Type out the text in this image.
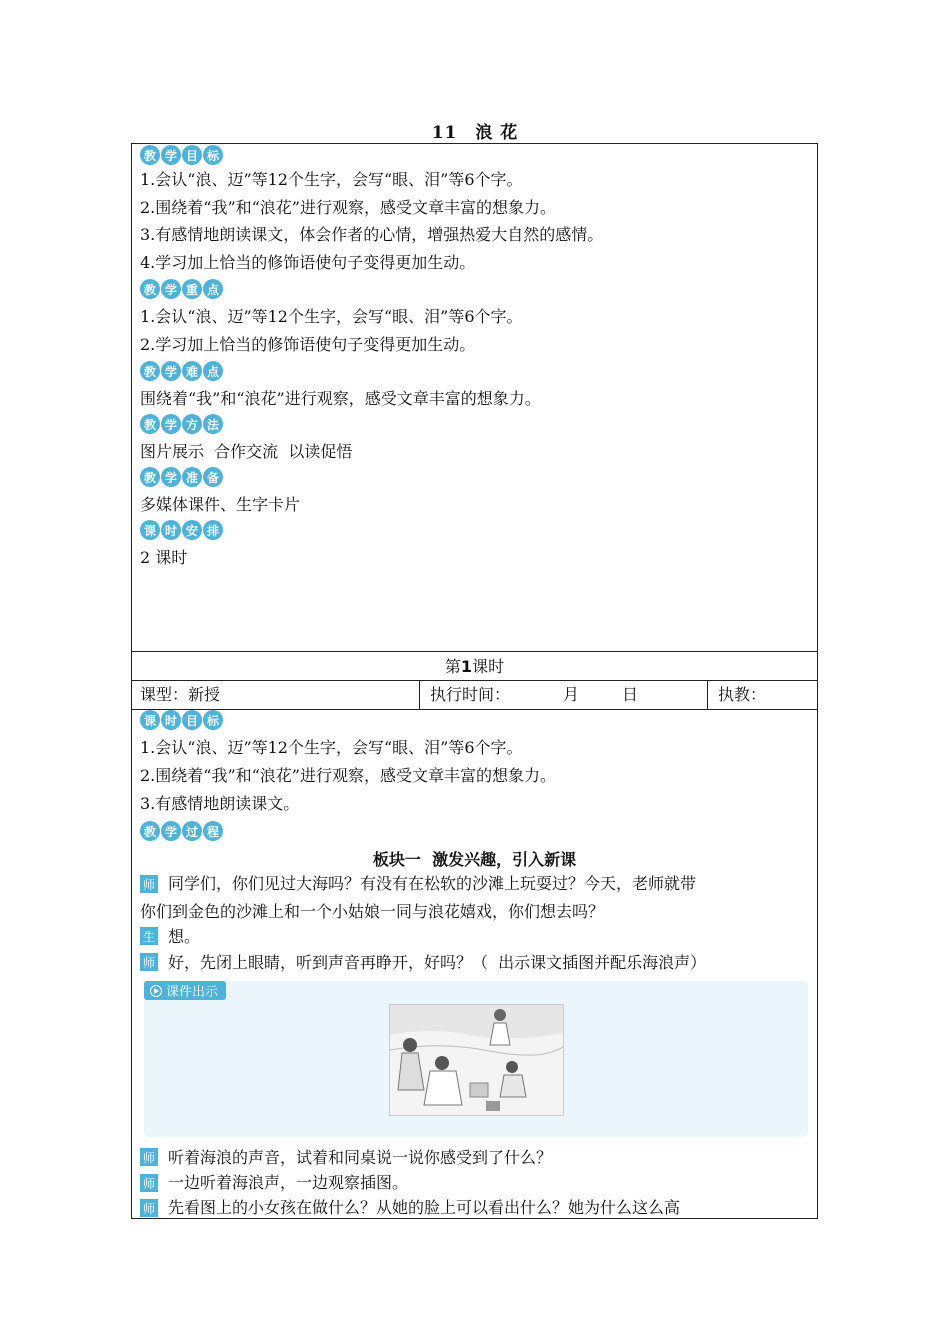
11　浪 花
教 学 目 标
1.会认“浪、迈”等12个生字，会写“眼、泪”等6个字。
2.围绕着“我”和“浪花”进行观察，感受文章丰富的想象力。
3.有感情地朗读课文，体会作者的心情，增强热爱大自然的感情。
4.学习加上恰当的修饰语使句子变得更加生动。
教 学 重 点
1.会认“浪、迈”等12个生字，会写“眼、泪”等6个字。
2.学习加上恰当的修饰语使句子变得更加生动。
教 学 难 点
围绕着“我”和“浪花”进行观察，感受文章丰富的想象力。
教 学 方 法
图片展示  合作交流  以读促悟
教 学 准 备
多媒体课件、生字卡片
课 时 安 排
2 课时
第1课时
课型：新授	执行时间：	月	日	执教：
课 时 目 标
1.会认“浪、迈”等12个生字，会写“眼、泪”等6个字。
2.围绕着“我”和“浪花”进行观察，感受文章丰富的想象力。
3.有感情地朗读课文。
教 学 过 程
板块一  激发兴趣，引入新课
师 同学们，你们见过大海吗？有没有在松软的沙滩上玩耍过？今天，老师就带
你们到金色的沙滩上和一个小姑娘一同与浪花嬉戏，你们想去吗？
生 想。
师 好，先闭上眼睛，听到声音再睁开，好吗？（  出示课文插图并配乐海浪声）
课件出示
师 听着海浪的声音，试着和同桌说一说你感受到了什么？
师 一边听着海浪声，一边观察插图。
师 先看图上的小女孩在做什么？从她的脸上可以看出什么？她为什么这么高
